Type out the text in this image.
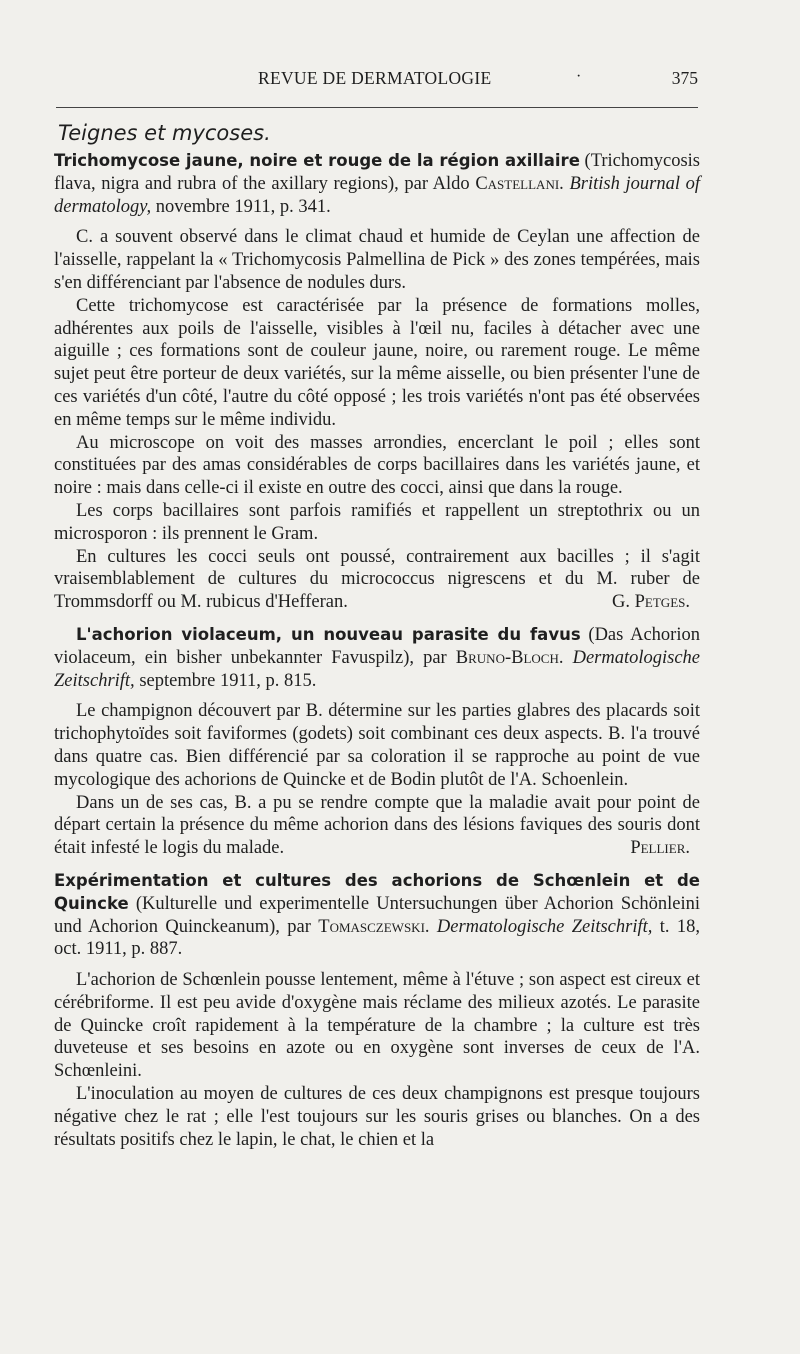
REVUE DE DERMATOLOGIE	·	375
Teignes et mycoses.

Trichomycose jaune, noire et rouge de la région axillaire (Trichomycosis flava, nigra and rubra of the axillary regions), par Aldo Castellani. British journal of dermatology, novembre 1911, p. 341.

C. a souvent observé dans le climat chaud et humide de Ceylan une affection de l'aisselle, rappelant la « Trichomycosis Palmellina de Pick » des zones tempérées, mais s'en différenciant par l'absence de nodules durs.

Cette trichomycose est caractérisée par la présence de formations molles, adhérentes aux poils de l'aisselle, visibles à l'œil nu, faciles à détacher avec une aiguille ; ces formations sont de couleur jaune, noire, ou rarement rouge. Le même sujet peut être porteur de deux variétés, sur la même aisselle, ou bien présenter l'une de ces variétés d'un côté, l'autre du côté opposé ; les trois variétés n'ont pas été observées en même temps sur le même individu.

Au microscope on voit des masses arrondies, encerclant le poil ; elles sont constituées par des amas considérables de corps bacillaires dans les variétés jaune, et noire : mais dans celle-ci il existe en outre des cocci, ainsi que dans la rouge.

Les corps bacillaires sont parfois ramifiés et rappellent un streptothrix ou un microsporon : ils prennent le Gram.

En cultures les cocci seuls ont poussé, contrairement aux bacilles ; il s'agit vraisemblablement de cultures du micrococcus nigrescens et du M. ruber de Trommsdorff ou M. rubicus d'Hefferan.	G. Petges.

L'achorion violaceum, un nouveau parasite du favus (Das Achorion violaceum, ein bisher unbekannter Favuspilz), par Bruno-Bloch. Dermatologische Zeitschrift, septembre 1911, p. 815.

Le champignon découvert par B. détermine sur les parties glabres des placards soit trichophytoïdes soit faviformes (godets) soit combinant ces deux aspects. B. l'a trouvé dans quatre cas. Bien différencié par sa coloration il se rapproche au point de vue mycologique des achorions de Quincke et de Bodin plutôt de l'A. Schoenlein.

Dans un de ses cas, B. a pu se rendre compte que la maladie avait pour point de départ certain la présence du même achorion dans des lésions faviques des souris dont était infesté le logis du malade.	Pellier.

Expérimentation et cultures des achorions de Schœnlein et de Quincke (Kulturelle und experimentelle Untersuchungen über Achorion Schönleini und Achorion Quinckeanum), par Tomasczewski. Dermatologische Zeitschrift, t. 18, oct. 1911, p. 887.

L'achorion de Schœnlein pousse lentement, même à l'étuve ; son aspect est cireux et cérébriforme. Il est peu avide d'oxygène mais réclame des milieux azotés. Le parasite de Quincke croît rapidement à la température de la chambre ; la culture est très duveteuse et ses besoins en azote ou en oxygène sont inverses de ceux de l'A. Schœnleini.

L'inoculation au moyen de cultures de ces deux champignons est presque toujours négative chez le rat ; elle l'est toujours sur les souris grises ou blanches. On a des résultats positifs chez le lapin, le chat, le chien et la
